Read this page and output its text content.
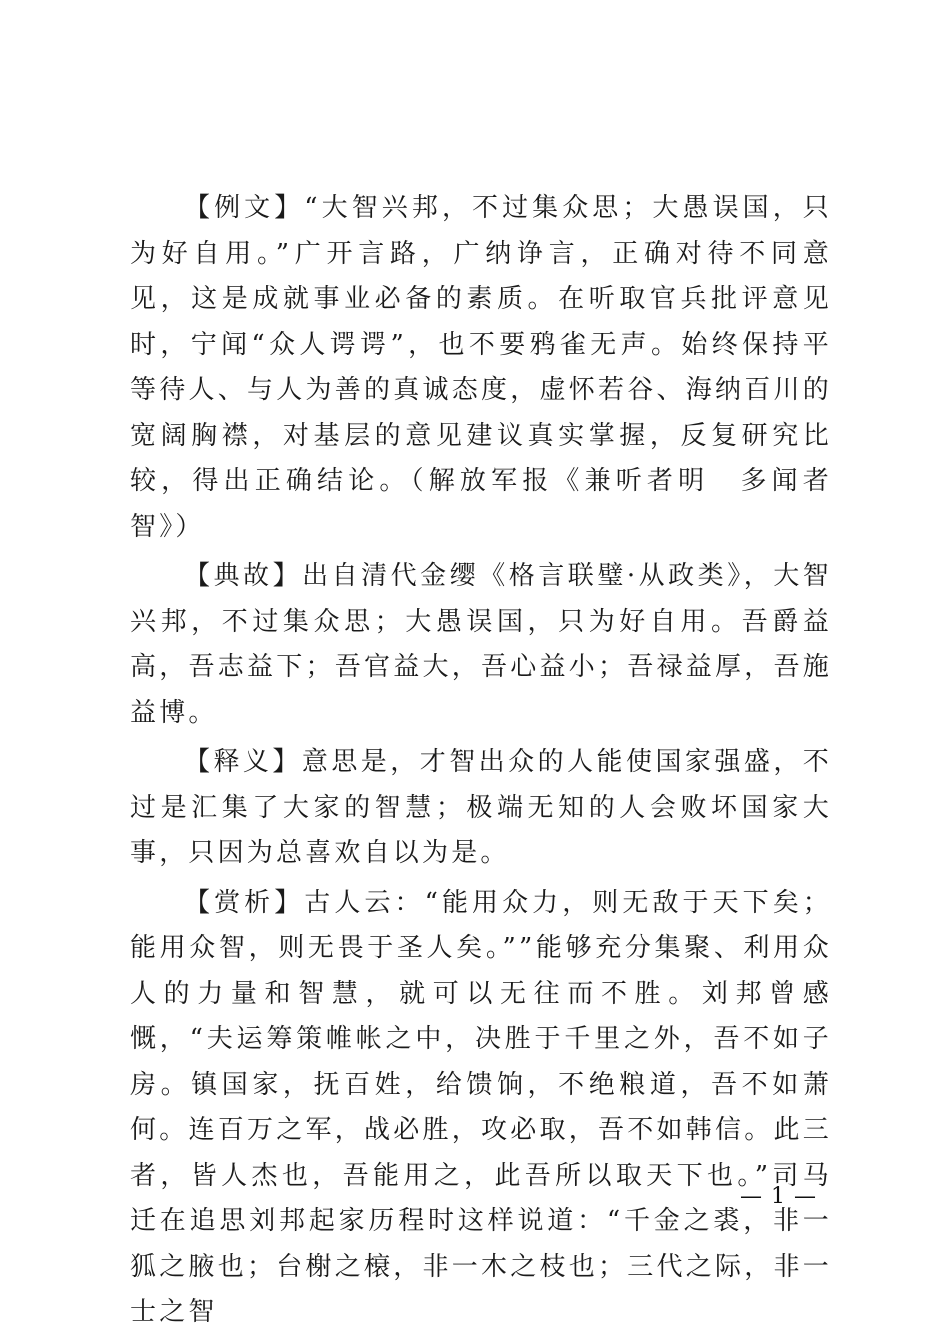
【例文】“大智兴邦，不过集众思；大愚误国，只为好自用。”广开言路，广纳诤言，正确对待不同意见，这是成就事业必备的素质。在听取官兵批评意见时，宁闻“众人谔谔”，也不要鸦雀无声。始终保持平等待人、与人为善的真诚态度，虚怀若谷、海纳百川的宽阔胸襟，对基层的意见建议真实掌握，反复研究比较，得出正确结论。（解放军报《兼听者明　多闻者智》）

【典故】出自清代金缨《格言联璧·从政类》，大智兴邦，不过集众思；大愚误国，只为好自用。吾爵益高，吾志益下；吾官益大，吾心益小；吾禄益厚，吾施益博。

【释义】意思是，才智出众的人能使国家强盛，不过是汇集了大家的智慧；极端无知的人会败坏国家大事，只因为总喜欢自以为是。

【赏析】古人云：“能用众力，则无敌于天下矣；能用众智，则无畏于圣人矣。””能够充分集聚、利用众人的力量和智慧，就可以无往而不胜。刘邦曾感慨，“夫运筹策帷帐之中，决胜于千里之外，吾不如子房。镇国家，抚百姓，给馈饷，不绝粮道，吾不如萧何。连百万之军，战必胜，攻必取，吾不如韩信。此三者，皆人杰也，吾能用之，此吾所以取天下也。”司马迁在追思刘邦起家历程时这样说道：“千金之裘，非一狐之腋也；台榭之榱，非一木之枝也；三代之际，非一士之智

— 1 —
